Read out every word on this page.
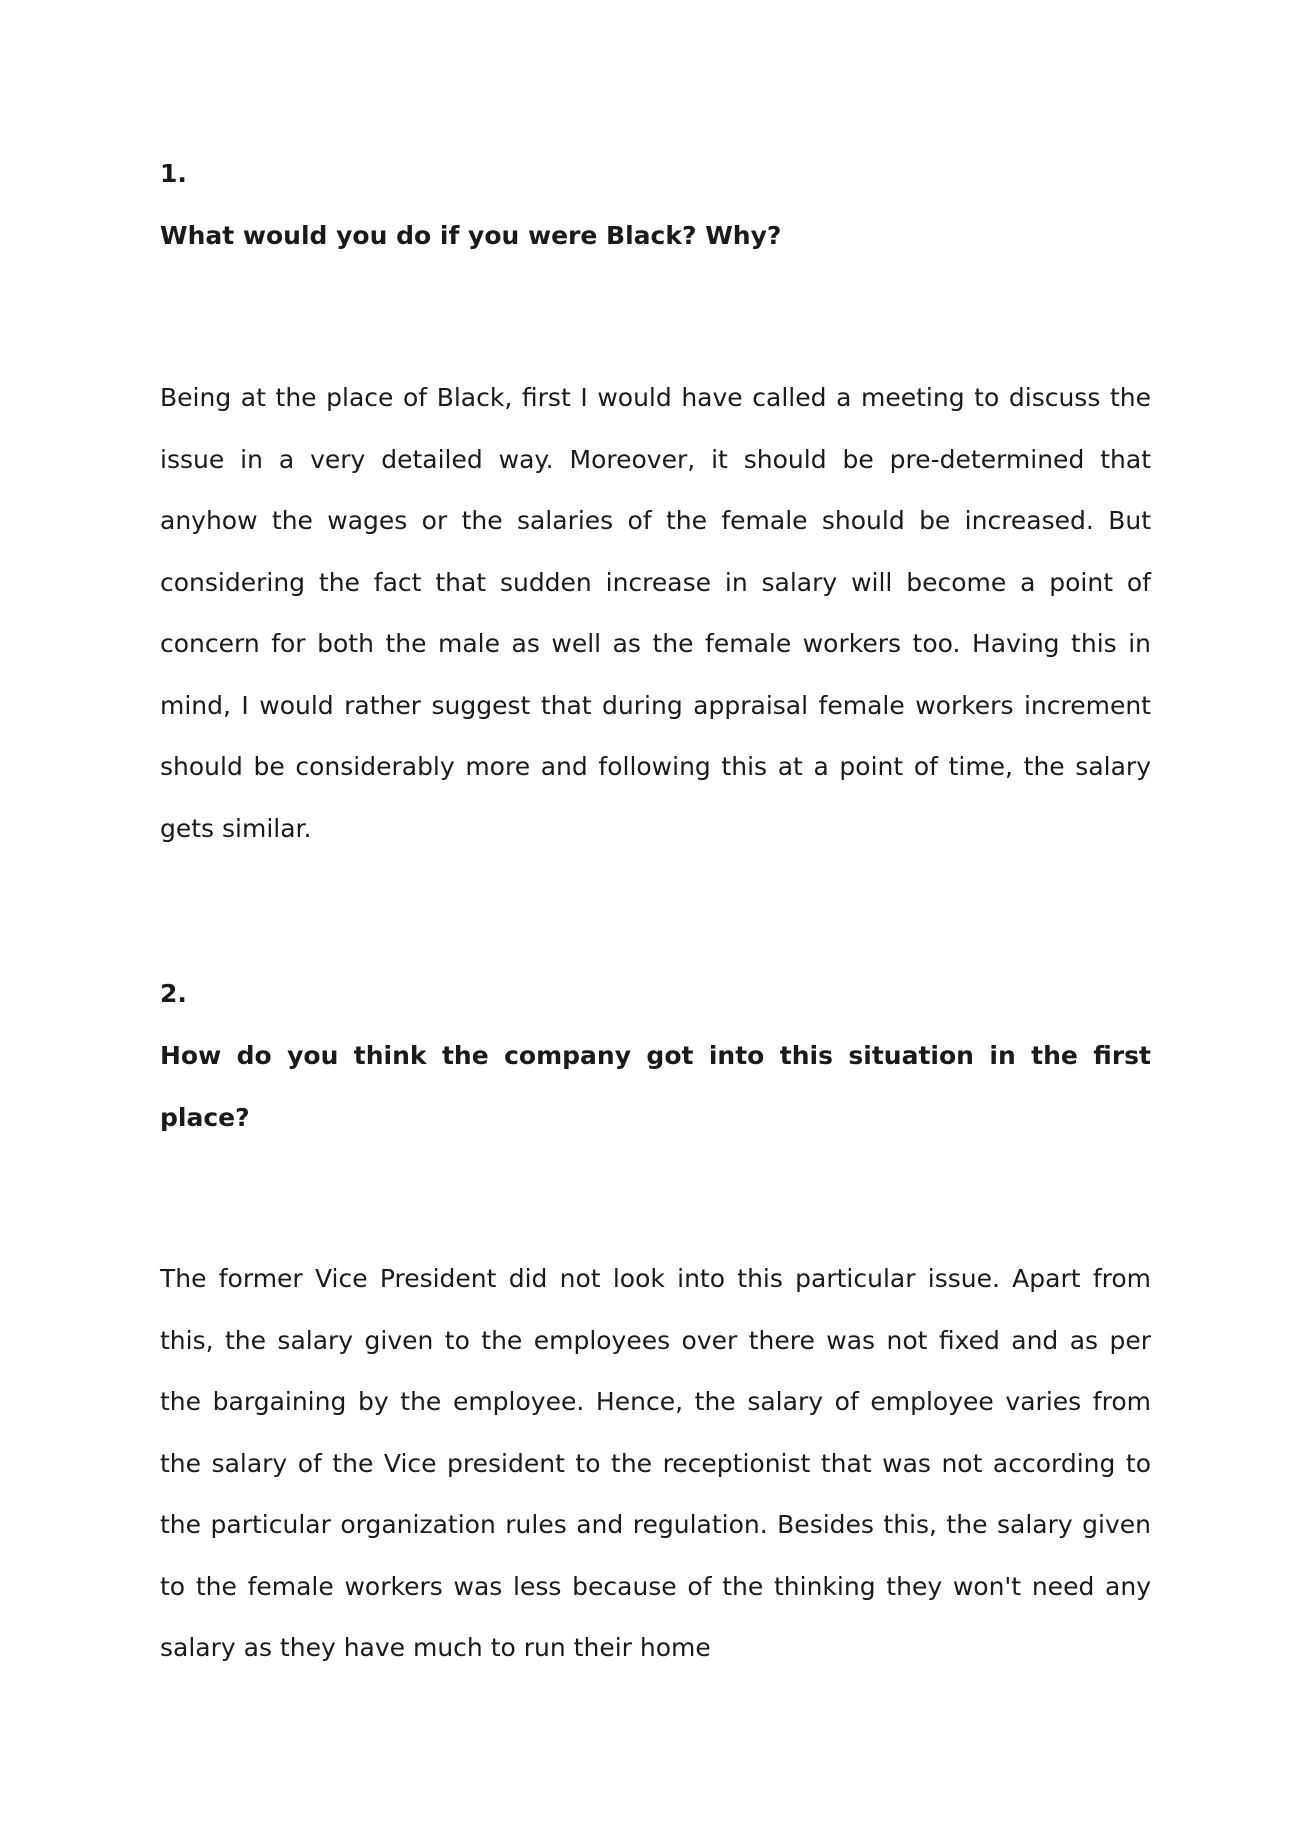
1.

What would you do if you were Black? Why?

Being at the place of Black, first I would have called a meeting to discuss the issue in a very detailed way. Moreover, it should be pre-determined that anyhow the wages or the salaries of the female should be increased. But considering the fact that sudden increase in salary will become a point of concern for both the male as well as the female workers too. Having this in mind, I would rather suggest that during appraisal female workers increment should be considerably more and following this at a point of time, the salary gets similar.

2.

How do you think the company got into this situation in the first place?

The former Vice President did not look into this particular issue. Apart from this, the salary given to the employees over there was not fixed and as per the bargaining by the employee. Hence, the salary of employee varies from the salary of the Vice president to the receptionist that was not according to the particular organization rules and regulation. Besides this, the salary given to the female workers was less because of the thinking they won't need any salary as they have much to run their home
